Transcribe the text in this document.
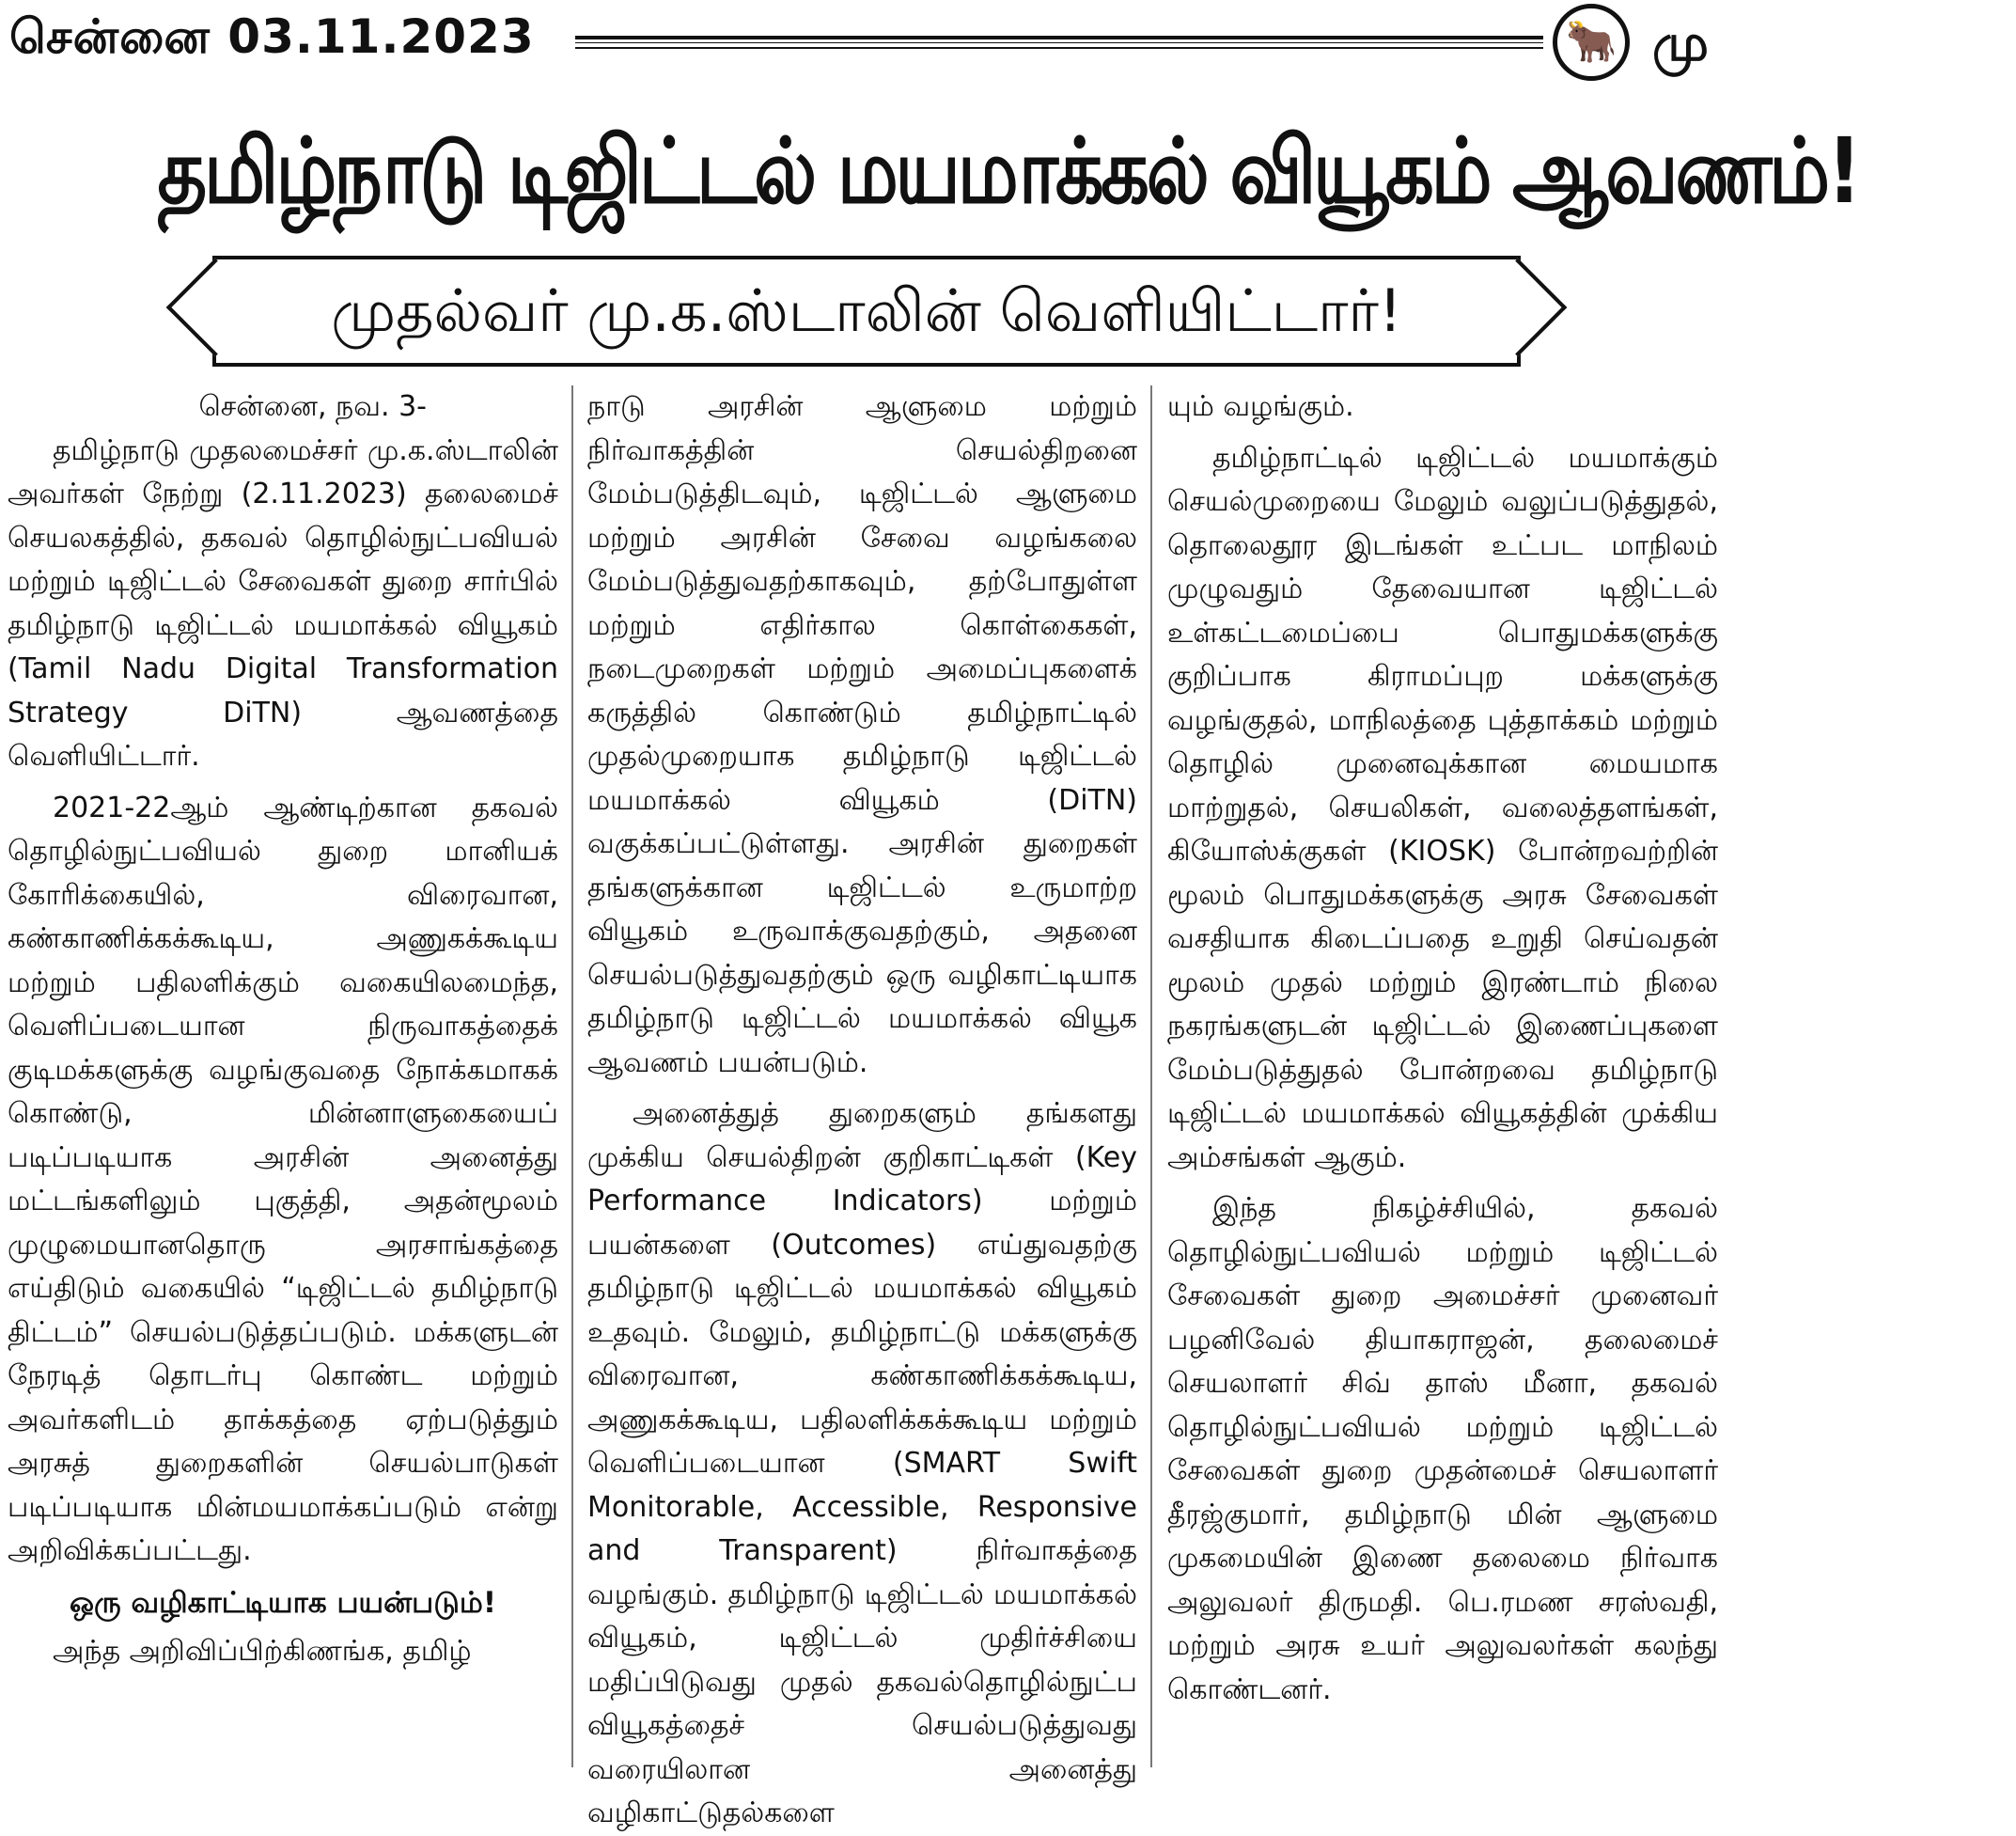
சென்னை 03.11.2023	🐂 மு
தமிழ்நாடு டிஜிட்டல் மயமாக்கல் வியூகம் ஆவணம்!
முதல்வர் மு.க.ஸ்டாலின் வெளியிட்டார்!

சென்னை, நவ. 3-

தமிழ்நாடு முதலமைச்சர் மு.க.ஸ்டாலின் அவர்கள் நேற்று (2.11.2023) தலைமைச் செயலகத்தில், தகவல் தொழில்நுட்பவியல் மற்றும் டிஜிட்டல் சேவைகள் துறை சார்பில் தமிழ்நாடு டிஜிட்டல் மயமாக்கல் வியூகம் (Tamil Nadu Digital Transformation Strategy DiTN) ஆவணத்தை வெளியிட்டார்.

2021-22ஆம் ஆண்டிற்கான தகவல் தொழில்நுட்பவியல் துறை மானியக் கோரிக்கையில், விரைவான, கண்காணிக்கக்கூடிய, அணுகக்கூடிய மற்றும் பதிலளிக்கும் வகையிலமைந்த, வெளிப்படையான நிருவாகத்தைக் குடிமக்களுக்கு வழங்குவதை நோக்கமாகக் கொண்டு, மின்னாளுகையைப் படிப்படியாக அரசின் அனைத்து மட்டங்களிலும் புகுத்தி, அதன்மூலம் முழுமையானதொரு அரசாங்கத்தை எய்திடும் வகையில் “டிஜிட்டல் தமிழ்நாடு திட்டம்” செயல்படுத்தப்படும். மக்களுடன் நேரடித் தொடர்பு கொண்ட மற்றும் அவர்களிடம் தாக்கத்தை ஏற்படுத்தும் அரசுத் துறைகளின் செயல்பாடுகள் படிப்படியாக மின்மயமாக்கப்படும் என்று அறிவிக்கப்பட்டது.

ஒரு வழிகாட்டியாக பயன்படும்!

அந்த அறிவிப்பிற்கிணங்க, தமிழ்

நாடு அரசின் ஆளுமை மற்றும் நிர்வாகத்தின் செயல்திறனை மேம்படுத்திடவும், டிஜிட்டல் ஆளுமை மற்றும் அரசின் சேவை வழங்கலை மேம்படுத்துவதற்காகவும், தற்போதுள்ள மற்றும் எதிர்கால கொள்கைகள், நடைமுறைகள் மற்றும் அமைப்புகளைக் கருத்தில் கொண்டும் தமிழ்நாட்டில் முதல்முறையாக தமிழ்நாடு டிஜிட்டல் மயமாக்கல் வியூகம் (DiTN) வகுக்கப்பட்டுள்ளது. அரசின் துறைகள் தங்களுக்கான டிஜிட்டல் உருமாற்ற வியூகம் உருவாக்குவதற்கும், அதனை செயல்படுத்துவதற்கும் ஒரு வழிகாட்டியாக தமிழ்நாடு டிஜிட்டல் மயமாக்கல் வியூக ஆவணம் பயன்படும்.

அனைத்துத் துறைகளும் தங்களது முக்கிய செயல்திறன் குறிகாட்டிகள் (Key Performance Indicators) மற்றும் பயன்களை (Outcomes) எய்துவதற்கு தமிழ்நாடு டிஜிட்டல் மயமாக்கல் வியூகம் உதவும். மேலும், தமிழ்நாட்டு மக்களுக்கு விரைவான, கண்காணிக்கக்கூடிய, அணுகக்கூடிய, பதிலளிக்கக்கூடிய மற்றும் வெளிப்படையான (SMART Swift Monitorable, Accessible, Responsive and Transparent) நிர்வாகத்தை வழங்கும். தமிழ்நாடு டிஜிட்டல் மயமாக்கல் வியூகம், டிஜிட்டல் முதிர்ச்சியை மதிப்பிடுவது முதல் தகவல்தொழில்நுட்ப வியூகத்தைச் செயல்படுத்துவது வரையிலான அனைத்து வழிகாட்டுதல்களை

யும் வழங்கும்.

தமிழ்நாட்டில் டிஜிட்டல் மயமாக்கும் செயல்முறையை மேலும் வலுப்படுத்துதல், தொலைதூர இடங்கள் உட்பட மாநிலம் முழுவதும் தேவையான டிஜிட்டல் உள்கட்டமைப்பை பொதுமக்களுக்கு குறிப்பாக கிராமப்புற மக்களுக்கு வழங்குதல், மாநிலத்தை புத்தாக்கம் மற்றும் தொழில் முனைவுக்கான மையமாக மாற்றுதல், செயலிகள், வலைத்தளங்கள், கியோஸ்க்குகள் (KIOSK) போன்றவற்றின் மூலம் பொதுமக்களுக்கு அரசு சேவைகள் வசதியாக கிடைப்பதை உறுதி செய்வதன் மூலம் முதல் மற்றும் இரண்டாம் நிலை நகரங்களுடன் டிஜிட்டல் இணைப்புகளை மேம்படுத்துதல் போன்றவை தமிழ்நாடு டிஜிட்டல் மயமாக்கல் வியூகத்தின் முக்கிய அம்சங்கள் ஆகும்.

இந்த நிகழ்ச்சியில், தகவல் தொழில்நுட்பவியல் மற்றும் டிஜிட்டல் சேவைகள் துறை அமைச்சர் முனைவர் பழனிவேல் தியாகராஜன், தலைமைச் செயலாளர் சிவ் தாஸ் மீனா, தகவல் தொழில்நுட்பவியல் மற்றும் டிஜிட்டல் சேவைகள் துறை முதன்மைச் செயலாளர் தீரஜ்குமார், தமிழ்நாடு மின் ஆளுமை முகமையின் இணை தலைமை நிர்வாக அலுவலர் திருமதி. பெ.ரமண சரஸ்வதி, மற்றும் அரசு உயர் அலுவலர்கள் கலந்து கொண்டனர்.
